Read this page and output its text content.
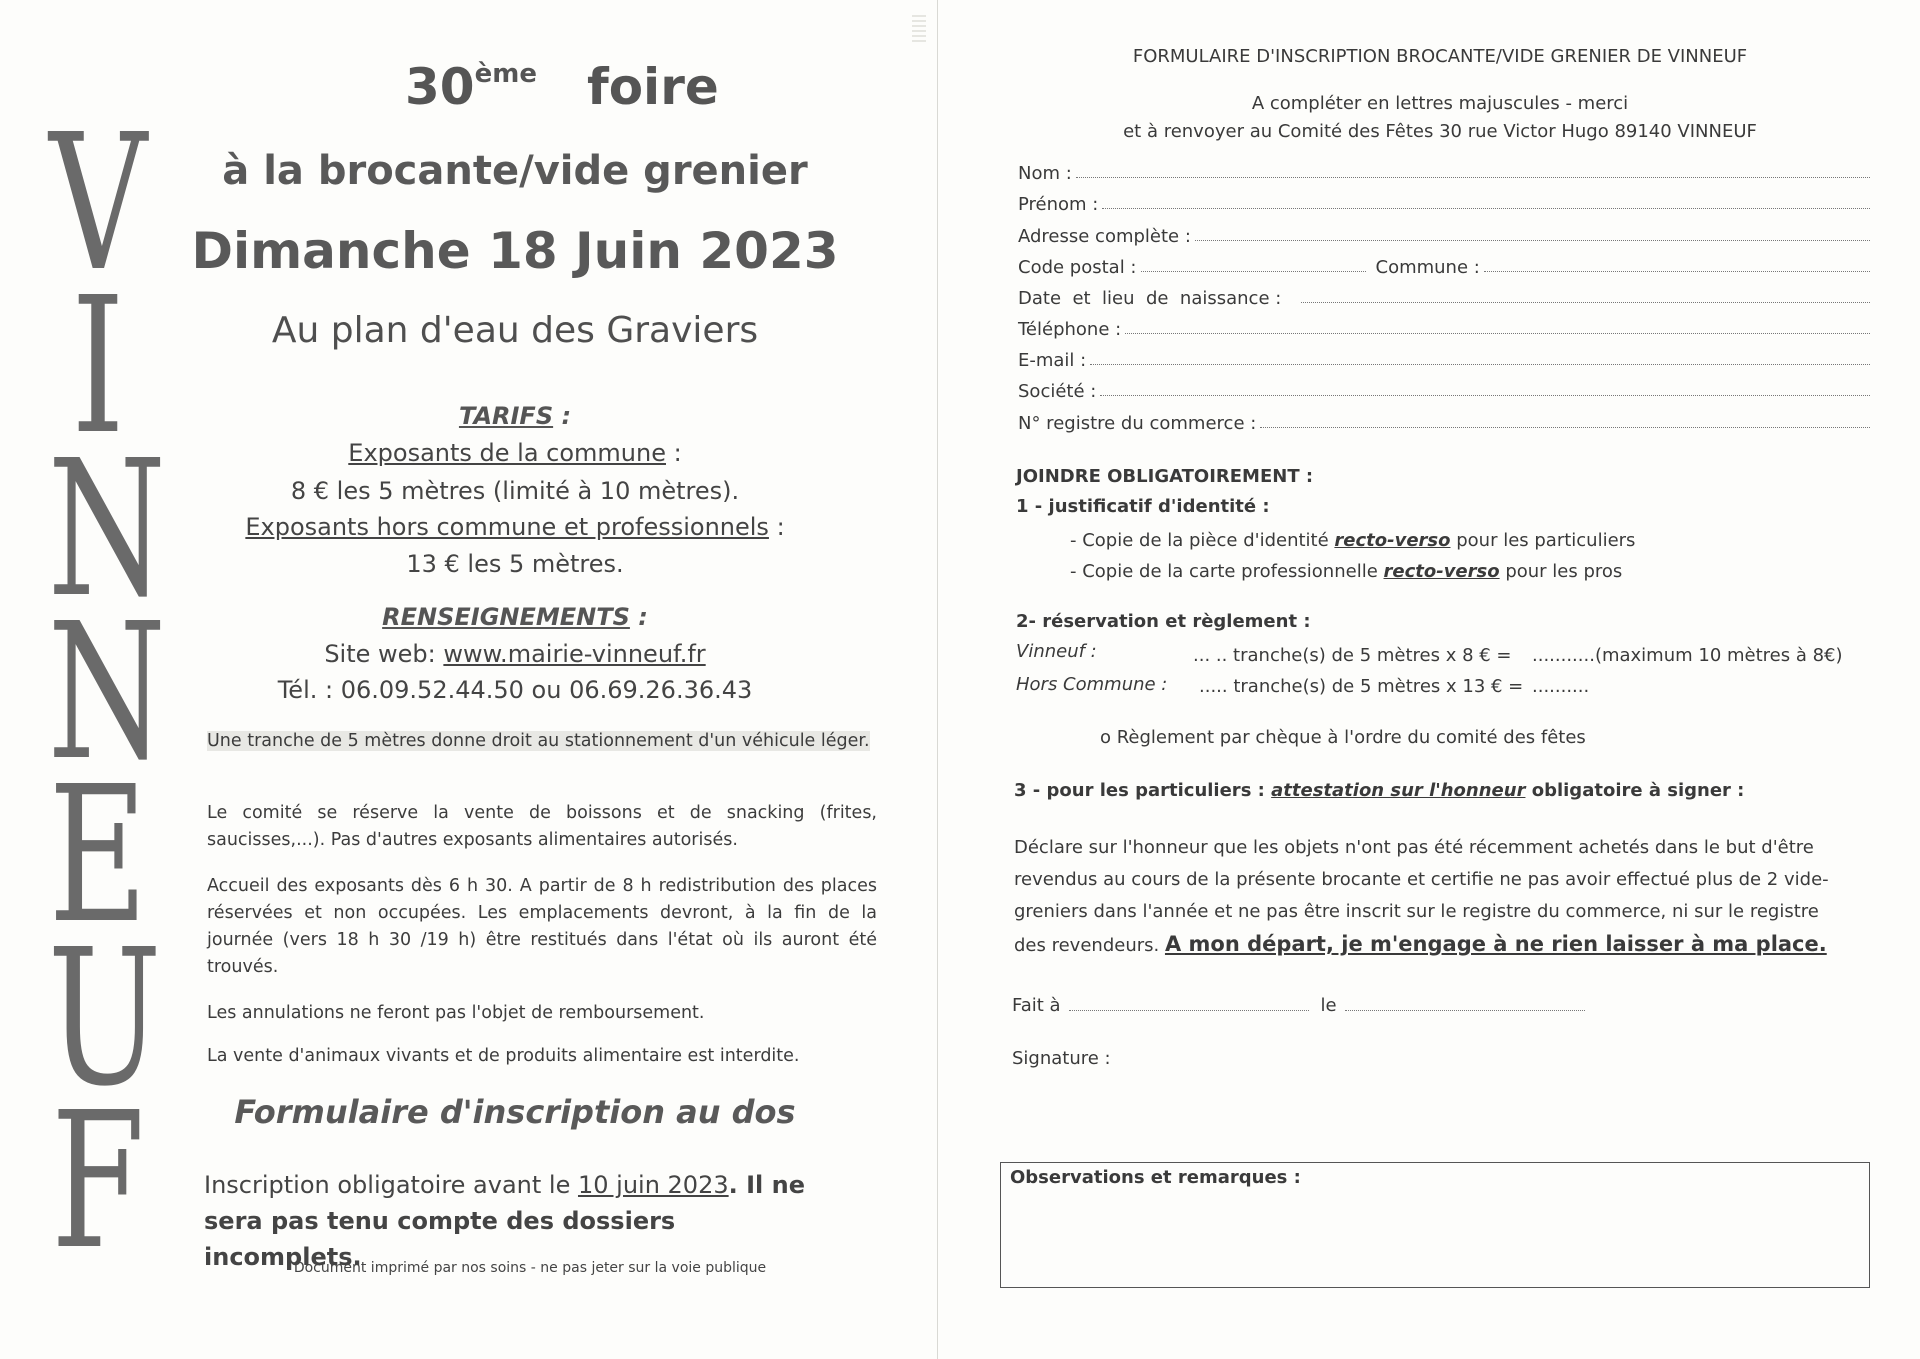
V
I
N
N
E
U
F
30ème foire
à la brocante/vide grenier
Dimanche 18 Juin 2023
Au plan d'eau des Graviers
TARIFS :
Exposants de la commune :
8 € les 5 mètres (limité à 10 mètres).
Exposants hors commune et professionnels :
13 € les 5 mètres.
RENSEIGNEMENTS :
Site web: www.mairie-vinneuf.fr
Tél. : 06.09.52.44.50 ou 06.69.26.36.43
Une tranche de 5 mètres donne droit au stationnement d'un véhicule léger.
Le comité se réserve la vente de boissons et de snacking (frites, saucisses,...). Pas d'autres exposants alimentaires autorisés.
Accueil des exposants dès 6 h 30. A partir de 8 h redistribution des places réservées et non occupées. Les emplacements devront, à la fin de la journée (vers 18 h 30 /19 h) être restitués dans l'état où ils auront été trouvés.
Les annulations ne feront pas l'objet de remboursement.
La vente d'animaux vivants et de produits alimentaire est interdite.
Formulaire d'inscription au dos
Inscription obligatoire avant le 10 juin 2023. Il ne sera pas tenu compte des dossiers incomplets.
Document imprimé par nos soins - ne pas jeter sur la voie publique
FORMULAIRE D'INSCRIPTION BROCANTE/VIDE GRENIER DE VINNEUF
A compléter en lettres majuscules - merci
et à renvoyer au Comité des Fêtes 30 rue Victor Hugo 89140 VINNEUF
Nom :
Prénom :
Adresse complète :
Code postal :	Commune :
Date  et  lieu  de  naissance :
Téléphone :
E-mail :
Société :
N° registre du commerce :
JOINDRE OBLIGATOIREMENT :
1 - justificatif d'identité :
- Copie de la pièce d'identité recto-verso pour les particuliers
- Copie de la carte professionnelle recto-verso pour les pros
2- réservation et règlement :
Vinneuf :	... .. tranche(s) de 5 mètres x 8 € = ...........(maximum 10 mètres à 8€)
Hors Commune : ..... tranche(s) de 5 mètres x 13 € = ..........
o Règlement par chèque à l'ordre du comité des fêtes
3 - pour les particuliers : attestation sur l'honneur obligatoire à signer :
Déclare sur l'honneur que les objets n'ont pas été récemment achetés dans le but d'être revendus au cours de la présente brocante et certifie ne pas avoir effectué plus de 2 vide-greniers dans l'année et ne pas être inscrit sur le registre du commerce, ni sur le registre des revendeurs. A mon départ, je m'engage à ne rien laisser à ma place.
Fait à	le
Signature :
Observations et remarques :
